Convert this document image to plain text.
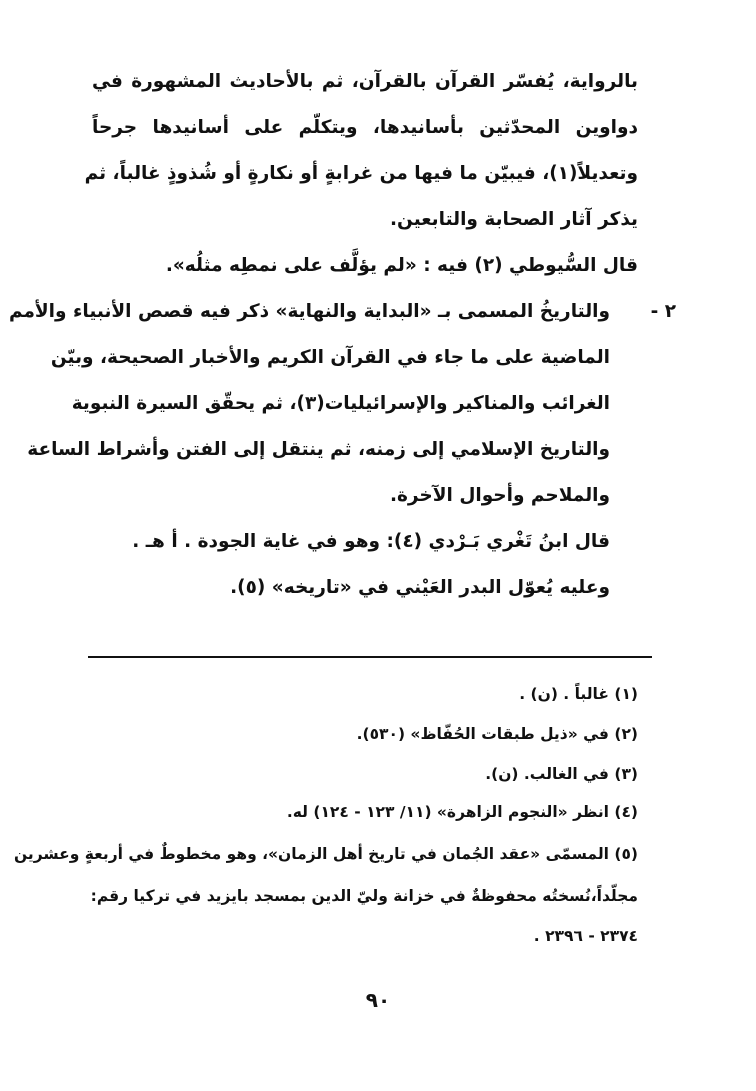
بالرواية، يُفسّر القرآن بالقرآن، ثم بالأحاديث المشهورة في
دواوين المحدّثين بأسانيدها، ويتكلّم على أسانيدها جرحاً
وتعديلاً(١)، فيبيّن ما فيها من غرابةٍ أو نكارةٍ أو شُذوذٍ غالباً، ثم
يذكر آثار الصحابة والتابعين.
قال السُّيوطي (٢) فيه : «لم يؤلَّف على نمطِه مثلُه».
٢ -
والتاريخُ المسمى بـ «البداية والنهاية» ذكر فيه قصص الأنبياء والأمم
الماضية على ما جاء في القرآن الكريم والأخبار الصحيحة، وبيّن
الغرائب والمناكير والإسرائيليات(٣)، ثم يحقّق السيرة النبوية
والتاريخ الإسلامي إلى زمنه، ثم ينتقل إلى الفتن وأشراط الساعة
والملاحم وأحوال الآخرة.
قال ابنُ تَغْري بَـرْدي (٤): وهو في غاية الجودة . أ هـ .
وعليه يُعوّل البدر العَيْني في «تاريخه» (٥).
(١) غالباً . (ن) .
(٢) في «ذيل طبقات الحُفّاظ» (٥٣٠).
(٣) في الغالب. (ن).
(٤) انظر «النجوم الزاهرة» (١١/ ١٢٣ - ١٢٤) له.
(٥) المسمّى «عقد الجُمان في تاريخ أهل الزمان»، وهو مخطوطٌ في أربعةٍ وعشرين
مجلّداً،نُسختُه محفوظةٌ في خزانة وليّ الدين بمسجد بايزيد في تركيا رقم:
٢٣٧٤ - ٢٣٩٦ .
٩٠
